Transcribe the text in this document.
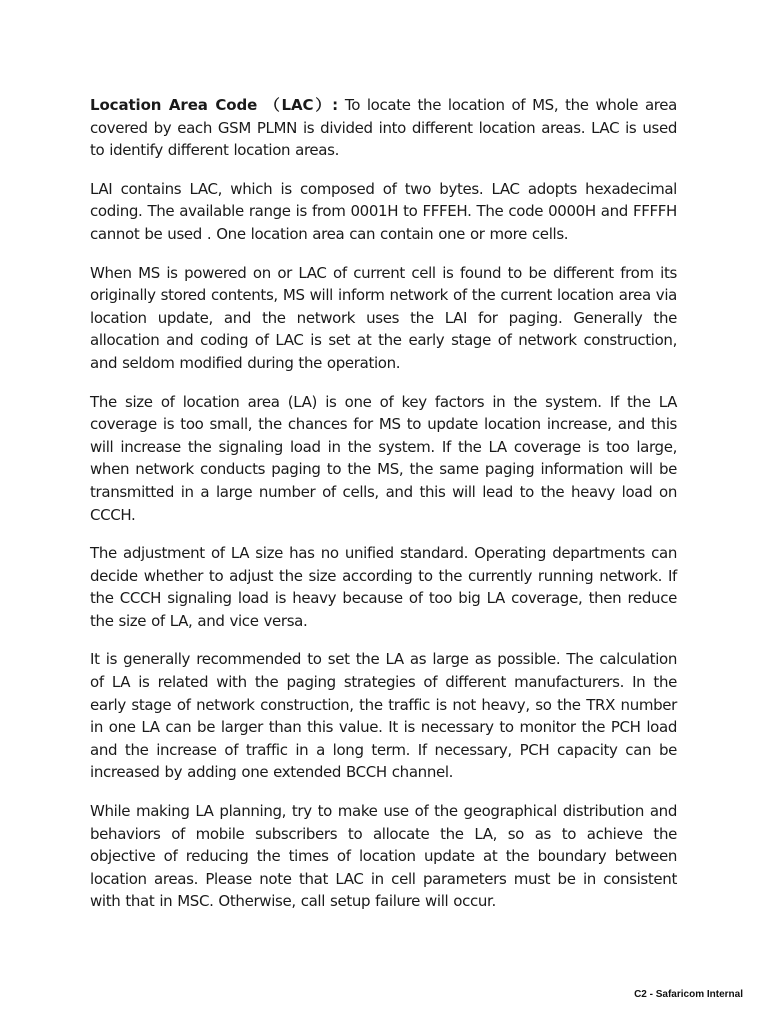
Location Area Code （LAC）: To locate the location of MS, the whole area covered by each GSM PLMN is divided into different location areas. LAC is used to identify different location areas.

LAI contains LAC, which is composed of two bytes. LAC adopts hexadecimal coding. The available range is from 0001H to FFFEH. The code 0000H and FFFFH cannot be used . One location area can contain one or more cells.

When MS is powered on or LAC of current cell is found to be different from its originally stored contents, MS will inform network of the current location area via location update, and the network uses the LAI for paging. Generally the allocation and coding of LAC is set at the early stage of network construction, and seldom modified during the operation.

The size of location area (LA) is one of key factors in the system. If the LA coverage is too small, the chances for MS to update location increase, and this will increase the signaling load in the system. If the LA coverage is too large, when network conducts paging to the MS, the same paging information will be transmitted in a large number of cells, and this will lead to the heavy load on CCCH.

The adjustment of LA size has no unified standard. Operating departments can decide whether to adjust the size according to the currently running network. If the CCCH signaling load is heavy because of too big LA coverage, then reduce the size of LA, and vice versa.

It is generally recommended to set the LA as large as possible. The calculation of LA is related with the paging strategies of different manufacturers. In the early stage of network construction, the traffic is not heavy, so the TRX number in one LA can be larger than this value. It is necessary to monitor the PCH load and the increase of traffic in a long term. If necessary, PCH capacity can be increased by adding one extended BCCH channel.

While making LA planning, try to make use of the geographical distribution and behaviors of mobile subscribers to allocate the LA, so as to achieve the objective of reducing the times of location update at the boundary between location areas. Please note that LAC in cell parameters must be in consistent with that in MSC. Otherwise, call setup failure will occur.

C2 - Safaricom Internal
